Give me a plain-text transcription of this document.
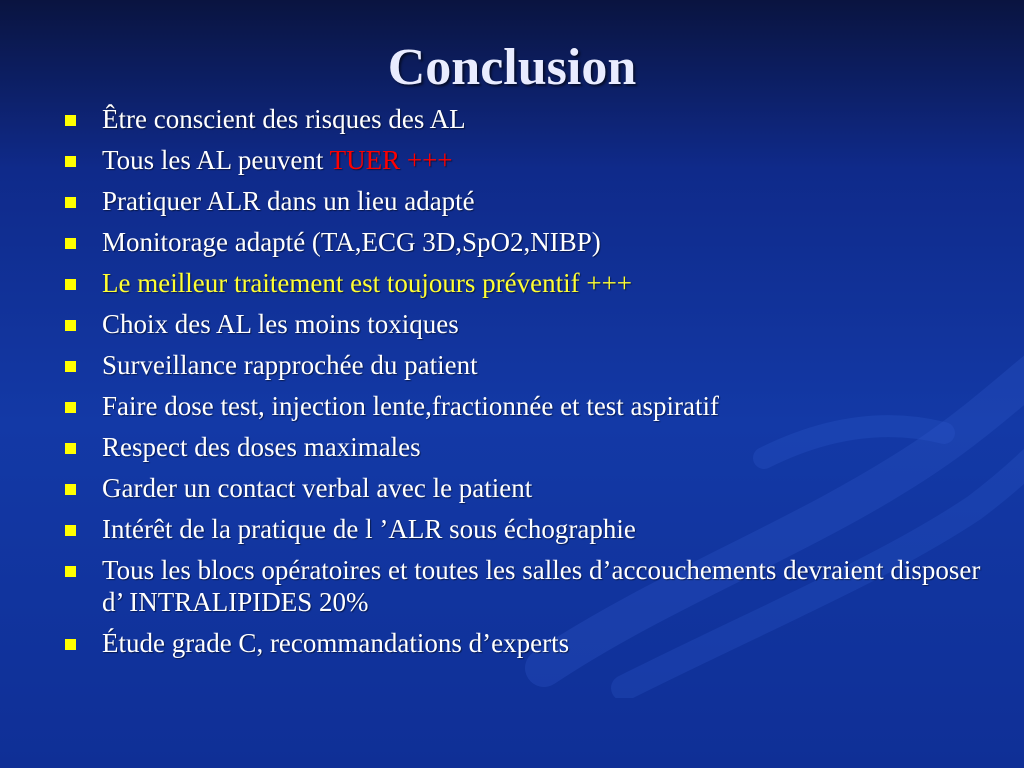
Conclusion
Être conscient des risques des AL
Tous les AL peuvent TUER +++
Pratiquer ALR dans un lieu adapté
Monitorage adapté (TA,ECG 3D,SpO2,NIBP)
Le meilleur traitement est toujours préventif +++
Choix des AL les moins toxiques
Surveillance rapprochée du patient
Faire dose test, injection lente,fractionnée et test aspiratif
Respect des doses maximales
Garder un contact verbal avec le patient
Intérêt de la pratique de l ’ALR sous échographie
Tous les blocs opératoires et toutes les salles d’accouchements devraient disposer d’ INTRALIPIDES 20%
Étude grade C, recommandations d’experts
